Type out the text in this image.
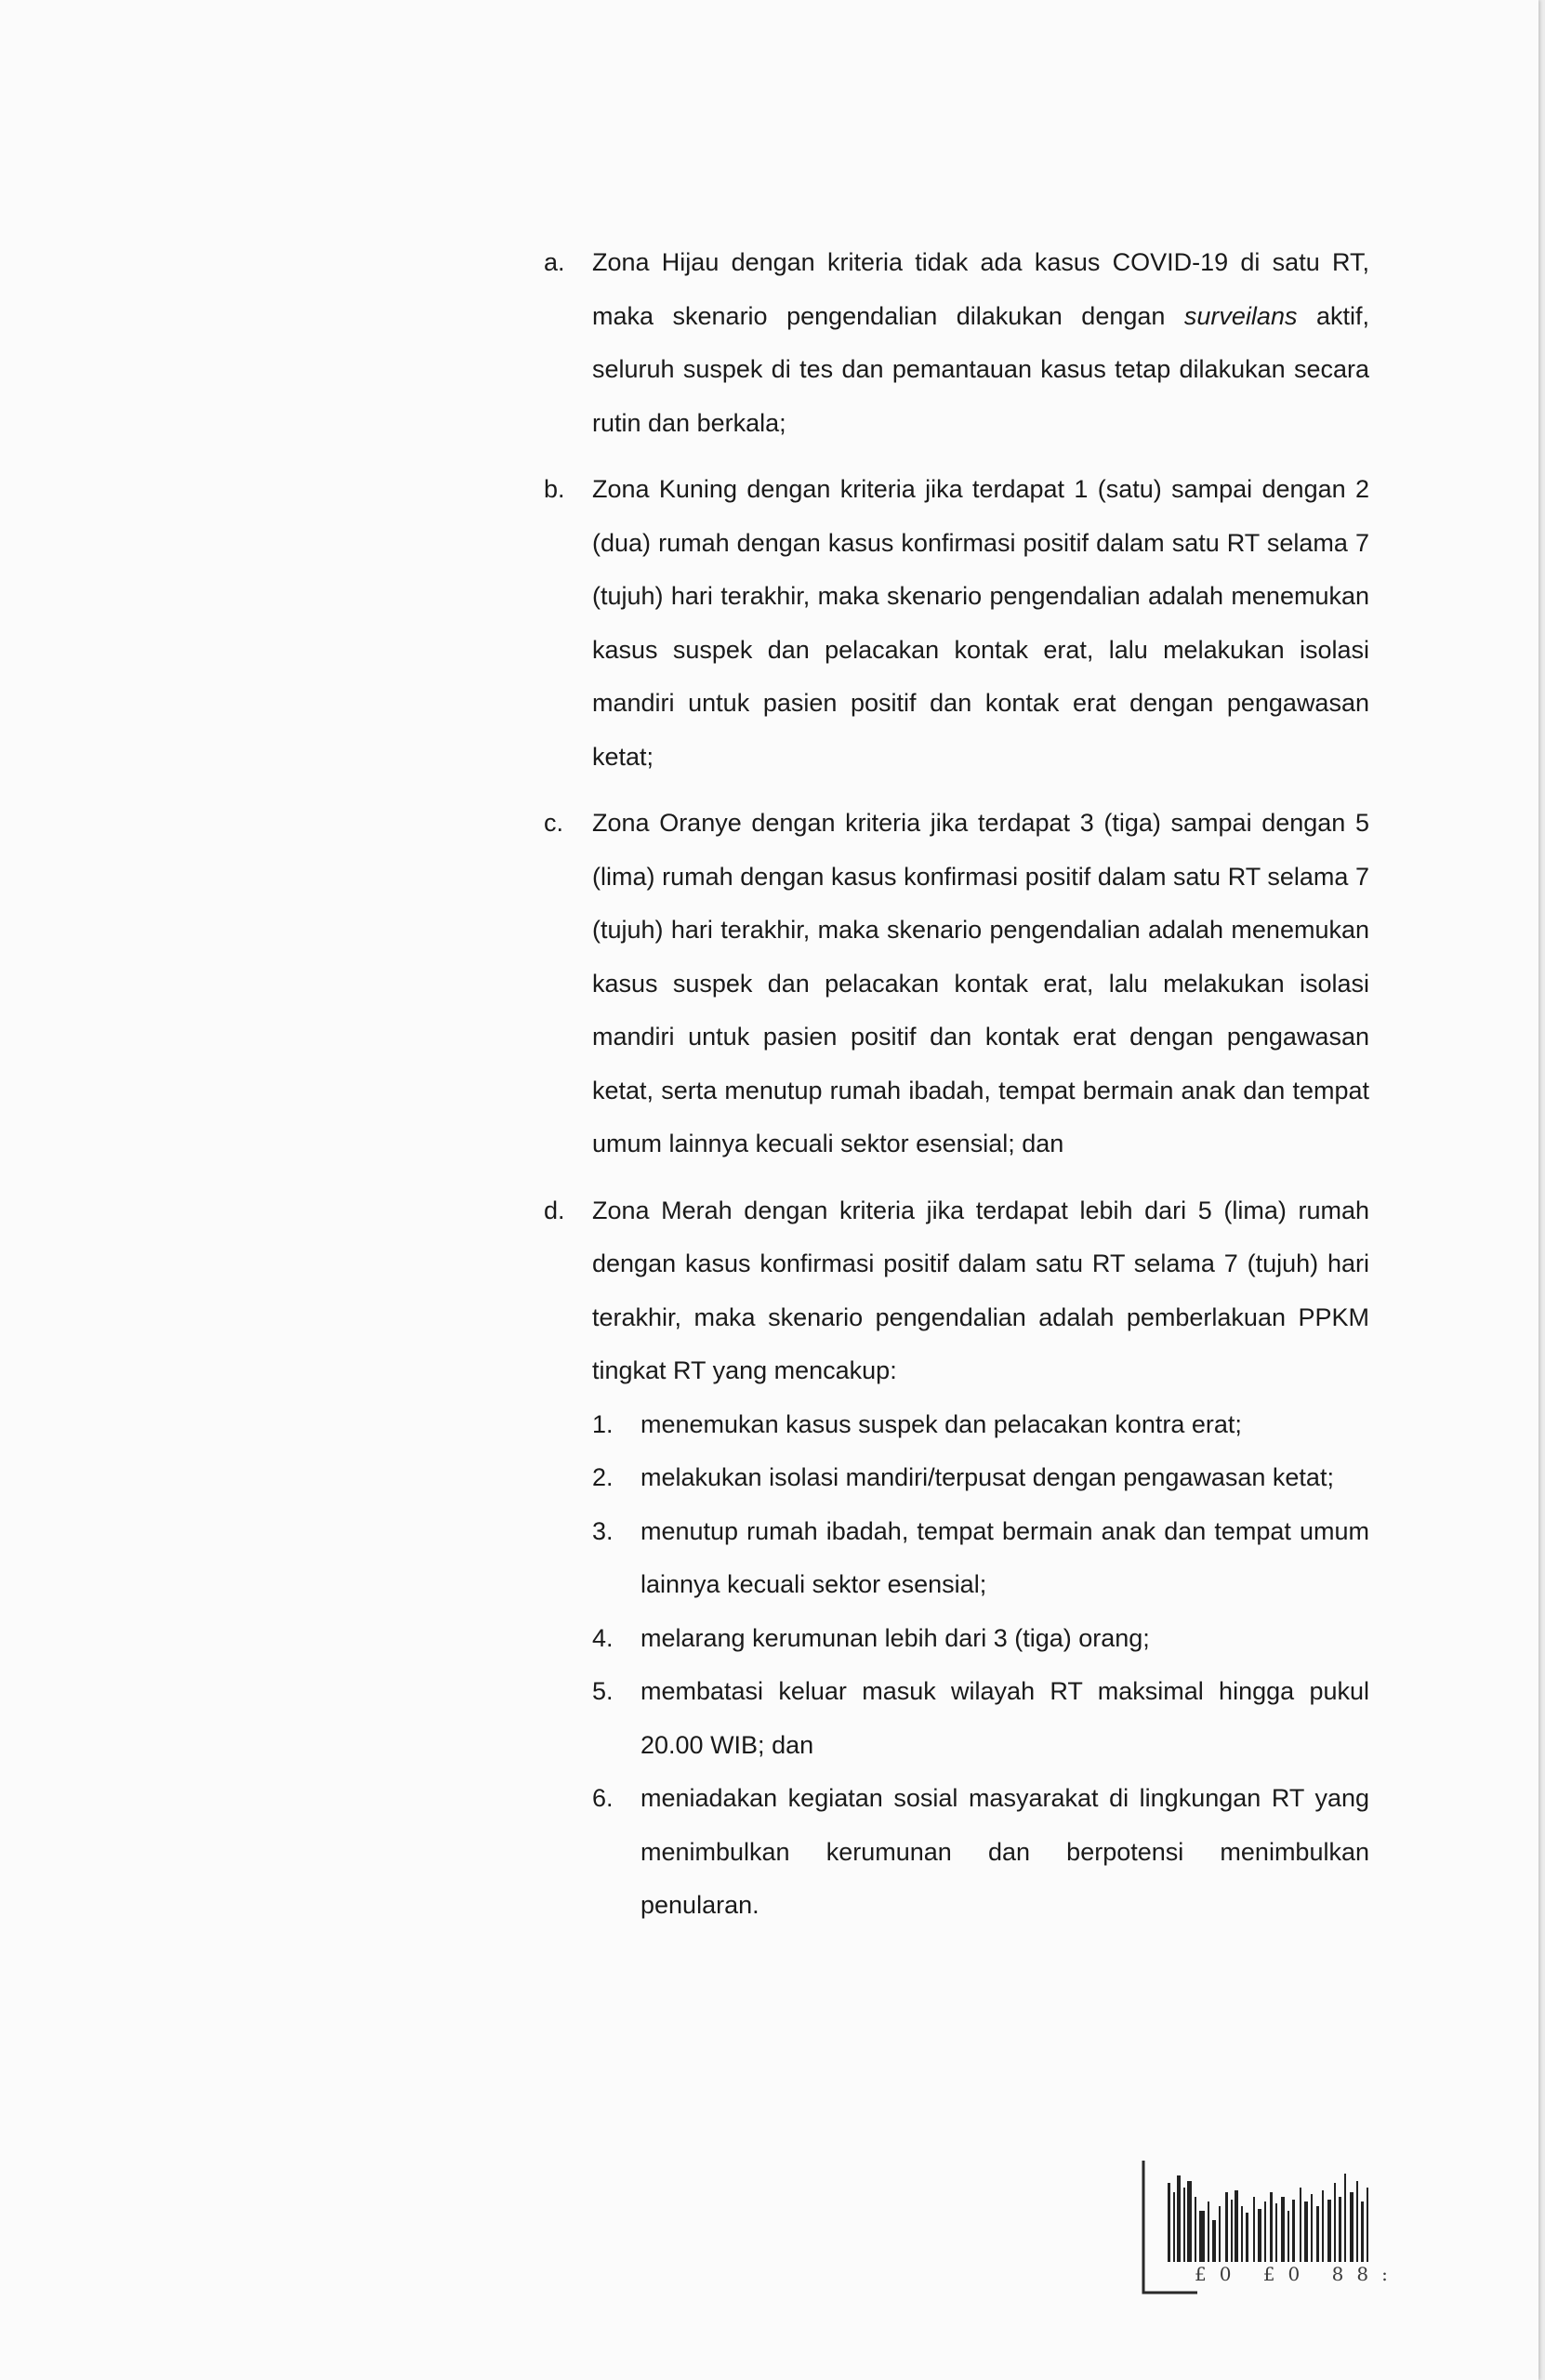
a. Zona Hijau dengan kriteria tidak ada kasus COVID-19 di satu RT, maka skenario pengendalian dilakukan dengan surveilans aktif, seluruh suspek di tes dan pemantauan kasus tetap dilakukan secara rutin dan berkala;

b. Zona Kuning dengan kriteria jika terdapat 1 (satu) sampai dengan 2 (dua) rumah dengan kasus konfirmasi positif dalam satu RT selama 7 (tujuh) hari terakhir, maka skenario pengendalian adalah menemukan kasus suspek dan pelacakan kontak erat, lalu melakukan isolasi mandiri untuk pasien positif dan kontak erat dengan pengawasan ketat;

c. Zona Oranye dengan kriteria jika terdapat 3 (tiga) sampai dengan 5 (lima) rumah dengan kasus konfirmasi positif dalam satu RT selama 7 (tujuh) hari terakhir, maka skenario pengendalian adalah menemukan kasus suspek dan pelacakan kontak erat, lalu melakukan isolasi mandiri untuk pasien positif dan kontak erat dengan pengawasan ketat, serta menutup rumah ibadah, tempat bermain anak dan tempat umum lainnya kecuali sektor esensial; dan

d. Zona Merah dengan kriteria jika terdapat lebih dari 5 (lima) rumah dengan kasus konfirmasi positif dalam satu RT selama 7 (tujuh) hari terakhir, maka skenario pengendalian adalah pemberlakuan PPKM tingkat RT yang mencakup:

1. menemukan kasus suspek dan pelacakan kontra erat;
2. melakukan isolasi mandiri/terpusat dengan pengawasan ketat;
3. menutup rumah ibadah, tempat bermain anak dan tempat umum lainnya kecuali sektor esensial;
4. melarang kerumunan lebih dari 3 (tiga) orang;
5. membatasi keluar masuk wilayah RT maksimal hingga pukul 20.00 WIB; dan
6. meniadakan kegiatan sosial masyarakat di lingkungan RT yang menimbulkan kerumunan dan berpotensi menimbulkan penularan.
£0 £0 88:
